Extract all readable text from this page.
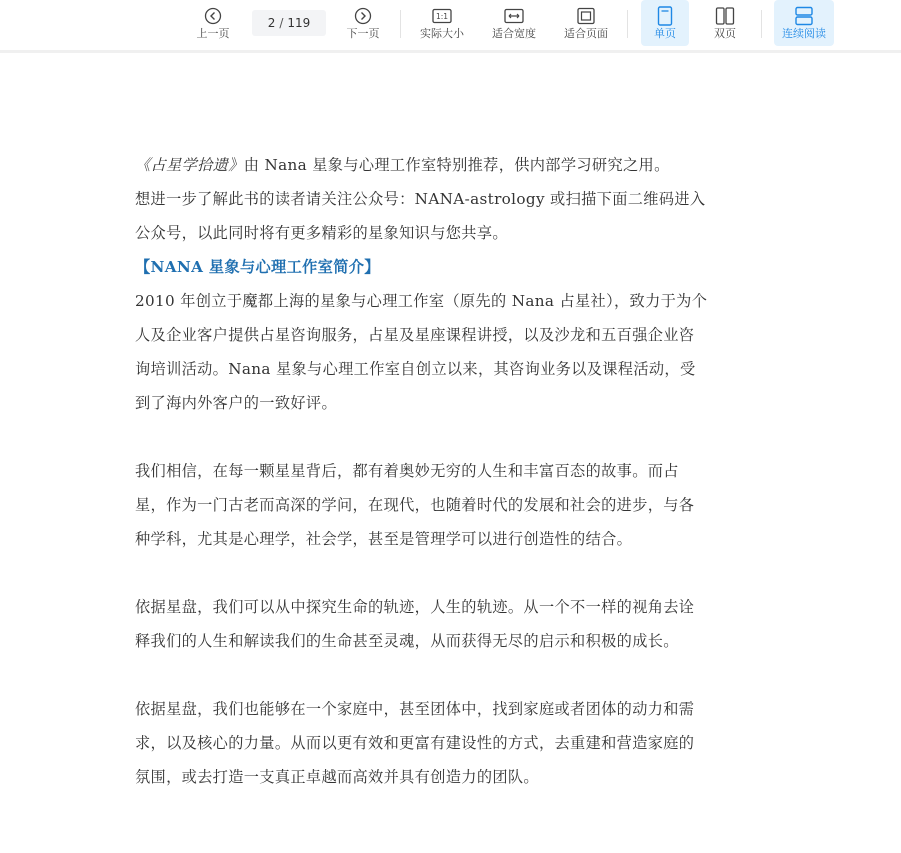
上一页
2 / 119
下一页
1:1
实际大小	适合宽度	适合页面	单页	双页	连续阅读

《占星学拾遗》由 Nana 星象与心理工作室特别推荐，供内部学习研究之用。

想进一步了解此书的读者请关注公众号：NANA-astrology 或扫描下面二维码进入

公众号，以此同时将有更多精彩的星象知识与您共享。

【NANA 星象与心理工作室简介】

2010 年创立于魔都上海的星象与心理工作室（原先的 Nana 占星社），致力于为个

人及企业客户提供占星咨询服务，占星及星座课程讲授，以及沙龙和五百强企业咨

询培训活动。Nana 星象与心理工作室自创立以来，其咨询业务以及课程活动，受

到了海内外客户的一致好评。

我们相信，在每一颗星星背后，都有着奥妙无穷的人生和丰富百态的故事。而占

星，作为一门古老而高深的学问，在现代，也随着时代的发展和社会的进步，与各

种学科，尤其是心理学，社会学，甚至是管理学可以进行创造性的结合。

依据星盘，我们可以从中探究生命的轨迹，人生的轨迹。从一个不一样的视角去诠

释我们的人生和解读我们的生命甚至灵魂，从而获得无尽的启示和积极的成长。

依据星盘，我们也能够在一个家庭中，甚至团体中，找到家庭或者团体的动力和需

求，以及核心的力量。从而以更有效和更富有建设性的方式，去重建和营造家庭的

氛围，或去打造一支真正卓越而高效并具有创造力的团队。
